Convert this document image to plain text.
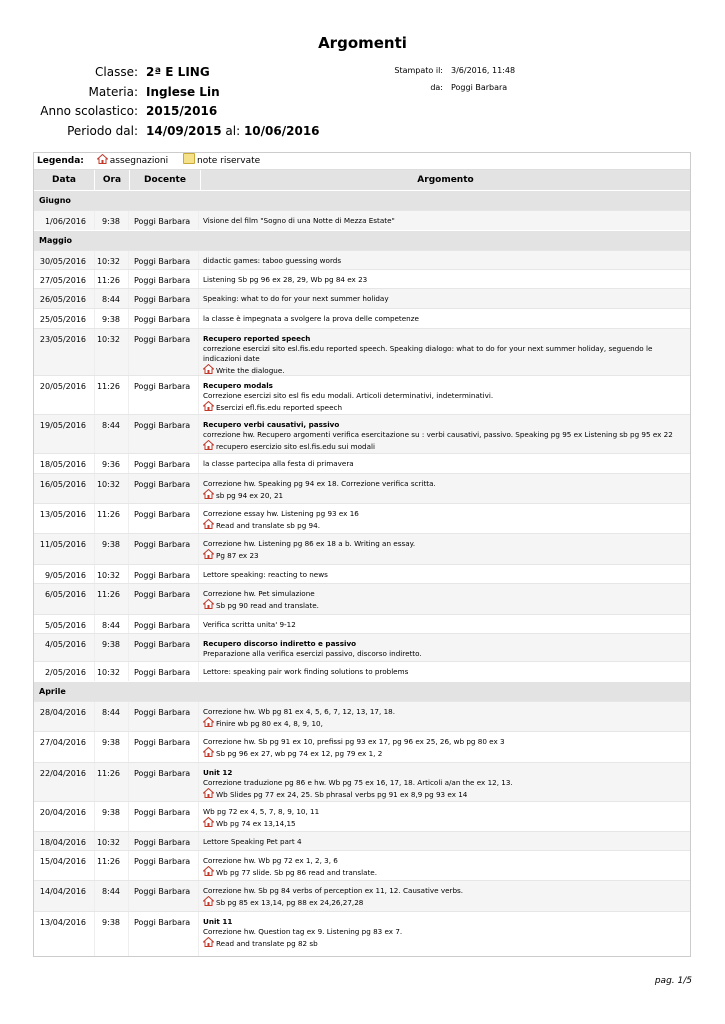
Argomenti
Classe: 2ª E LING
Materia: Inglese Lin
Anno scolastico: 2015/2016
Periodo dal: 14/09/2015 al: 10/06/2016
Stampato il: 3/6/2016, 11:48
da: Poggi Barbara
Legenda:	assegnazioni	note riservate
Data	Ora	Docente	Argomento
Giugno
1/06/2016	9:38	Poggi Barbara	Visione del film "Sogno di una Notte di Mezza Estate"
Maggio
30/05/2016	10:32	Poggi Barbara	didactic games: taboo guessing words
27/05/2016	11:26	Poggi Barbara	Listening Sb pg 96 ex 28, 29, Wb pg 84 ex 23
26/05/2016	8:44	Poggi Barbara	Speaking: what to do for your next summer holiday
25/05/2016	9:38	Poggi Barbara	la classe è impegnata a svolgere la prova delle competenze
23/05/2016	10:32	Poggi Barbara	Recupero reported speech
correzione esercizi sito esl.fis.edu reported speech. Speaking dialogo: what to do for your next summer holiday, seguendo le
indicazioni date
Write the dialogue.
20/05/2016	11:26	Poggi Barbara	Recupero modals
Correzione esercizi sito esl fis edu modali. Articoli determinativi, indeterminativi.
Esercizi efl.fis.edu reported speech
19/05/2016	8:44	Poggi Barbara	Recupero verbi causativi, passivo
correzione hw. Recupero argomenti verifica esercitazione su : verbi causativi, passivo. Speaking pg 95 ex Listening sb pg 95 ex 22
recupero esercizio sito esl.fis.edu sui modali
18/05/2016	9:36	Poggi Barbara	la classe partecipa alla festa di primavera
16/05/2016	10:32	Poggi Barbara	Correzione hw. Speaking pg 94 ex 18. Correzione verifica scritta.
sb pg 94 ex 20, 21
13/05/2016	11:26	Poggi Barbara	Correzione essay hw. Listening pg 93 ex 16
Read and translate sb pg 94.
11/05/2016	9:38	Poggi Barbara	Correzione hw. Listening pg 86 ex 18 a b. Writing an essay.
Pg 87 ex 23
9/05/2016	10:32	Poggi Barbara	Lettore speaking: reacting to news
6/05/2016	11:26	Poggi Barbara	Correzione hw. Pet simulazione
Sb pg 90 read and translate.
5/05/2016	8:44	Poggi Barbara	Verifica scritta unita' 9-12
4/05/2016	9:38	Poggi Barbara	Recupero discorso indiretto e passivo
Preparazione alla verifica esercizi passivo, discorso indiretto.
2/05/2016	10:32	Poggi Barbara	Lettore: speaking pair work finding solutions to problems
Aprile
28/04/2016	8:44	Poggi Barbara	Correzione hw. Wb pg 81 ex 4, 5, 6, 7, 12, 13, 17, 18.
Finire wb pg 80 ex 4, 8, 9, 10,
27/04/2016	9:38	Poggi Barbara	Correzione hw. Sb pg 91 ex 10, prefissi pg 93 ex 17, pg 96 ex 25, 26, wb pg 80 ex 3
Sb pg 96 ex 27, wb pg 74 ex 12, pg 79 ex 1, 2
22/04/2016	11:26	Poggi Barbara	Unit 12
Correzione traduzione pg 86 e hw. Wb pg 75 ex 16, 17, 18. Articoli a/an the ex 12, 13.
Wb Slides pg 77 ex 24, 25. Sb phrasal verbs pg 91 ex 8,9 pg 93 ex 14
20/04/2016	9:38	Poggi Barbara	Wb pg 72 ex 4, 5, 7, 8, 9, 10, 11
Wb pg 74 ex 13,14,15
18/04/2016	10:32	Poggi Barbara	Lettore Speaking Pet part 4
15/04/2016	11:26	Poggi Barbara	Correzione hw. Wb pg 72 ex 1, 2, 3, 6
Wb pg 77 slide. Sb pg 86 read and translate.
14/04/2016	8:44	Poggi Barbara	Correzione hw. Sb pg 84 verbs of perception ex 11, 12. Causative verbs.
Sb pg 85 ex 13,14, pg 88 ex 24,26,27,28
13/04/2016	9:38	Poggi Barbara	Unit 11
Correzione hw. Question tag ex 9. Listening pg 83 ex 7.
Read and translate pg 82 sb
pag. 1/5
